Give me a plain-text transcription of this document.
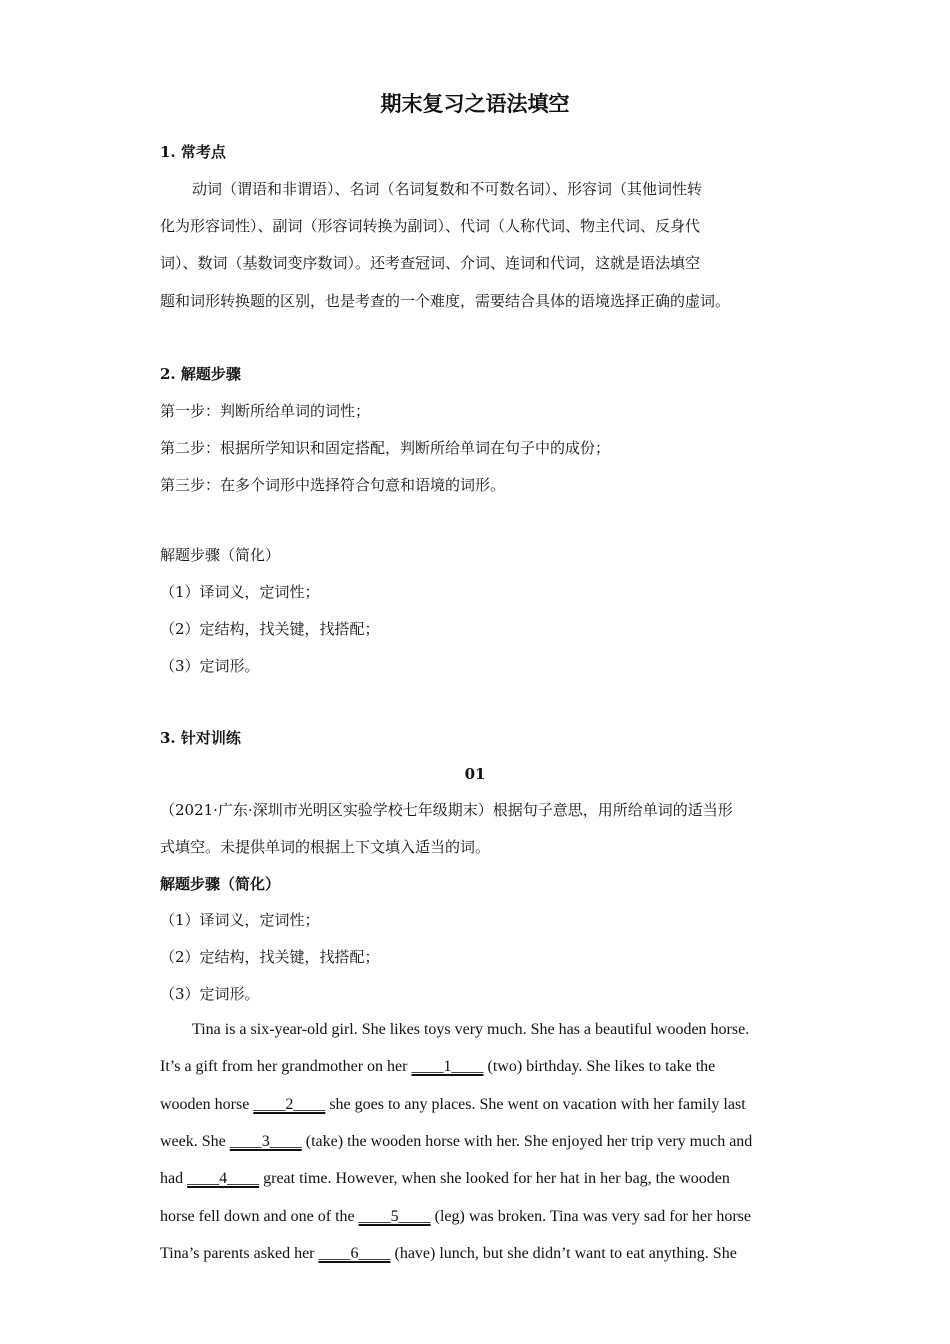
期末复习之语法填空
1. 常考点
动词（谓语和非谓语）、名词（名词复数和不可数名词）、形容词（其他词性转
化为形容词性）、副词（形容词转换为副词）、代词（人称代词、物主代词、反身代
词）、数词（基数词变序数词）。还考查冠词、介词、连词和代词，这就是语法填空
题和词形转换题的区别，也是考查的一个难度，需要结合具体的语境选择正确的虚词。
2. 解题步骤
第一步：判断所给单词的词性；
第二步：根据所学知识和固定搭配，判断所给单词在句子中的成份；
第三步：在多个词形中选择符合句意和语境的词形。
解题步骤（简化）
（1）译词义，定词性；
（2）定结构，找关键，找搭配；
（3）定词形。
3. 针对训练
01
（2021·广东·深圳市光明区实验学校七年级期末）根据句子意思，用所给单词的适当形
式填空。未提供单词的根据上下文填入适当的词。
解题步骤（简化）
（1）译词义，定词性；
（2）定结构，找关键，找搭配；
（3）定词形。
Tina is a six-year-old girl. She likes toys very much. She has a beautiful wooden horse.
It’s a gift from her grandmother on her ____1____ (two) birthday. She likes to take the
wooden horse ____2____ she goes to any places. She went on vacation with her family last
week. She ____3____ (take) the wooden horse with her. She enjoyed her trip very much and
had ____4____ great time. However, when she looked for her hat in her bag, the wooden
horse fell down and one of the ____5____ (leg) was broken. Tina was very sad for her horse
Tina’s parents asked her ____6____ (have) lunch, but she didn’t want to eat anything. She
